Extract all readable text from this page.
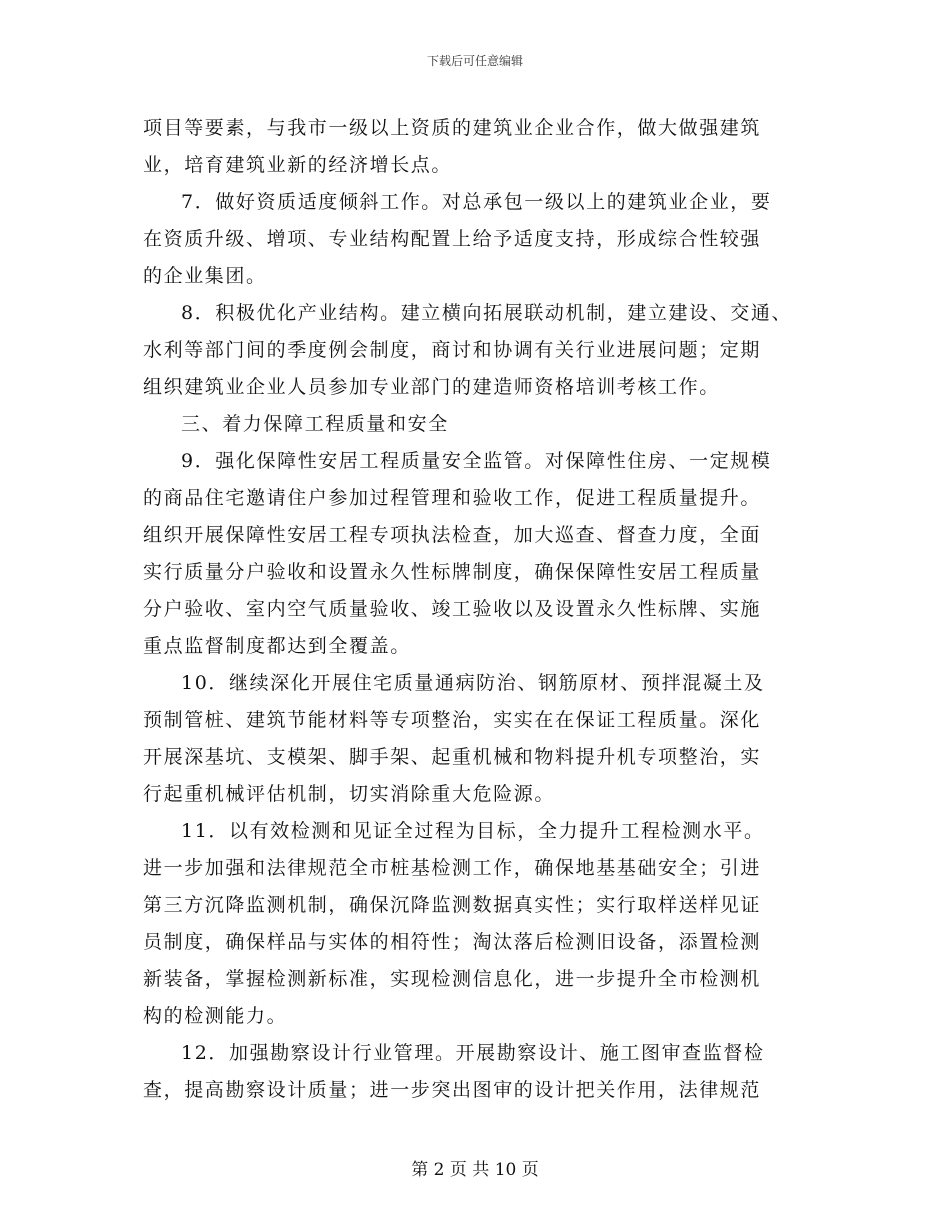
下载后可任意编辑
项目等要素，与我市一级以上资质的建筑业企业合作，做大做强建筑
业，培育建筑业新的经济增长点。
7．做好资质适度倾斜工作。对总承包一级以上的建筑业企业，要
在资质升级、增项、专业结构配置上给予适度支持，形成综合性较强
的企业集团。
8．积极优化产业结构。建立横向拓展联动机制，建立建设、交通、
水利等部门间的季度例会制度，商讨和协调有关行业进展问题；定期
组织建筑业企业人员参加专业部门的建造师资格培训考核工作。
三、着力保障工程质量和安全
9．强化保障性安居工程质量安全监管。对保障性住房、一定规模
的商品住宅邀请住户参加过程管理和验收工作，促进工程质量提升。
组织开展保障性安居工程专项执法检查，加大巡查、督查力度，全面
实行质量分户验收和设置永久性标牌制度，确保保障性安居工程质量
分户验收、室内空气质量验收、竣工验收以及设置永久性标牌、实施
重点监督制度都达到全覆盖。
10．继续深化开展住宅质量通病防治、钢筋原材、预拌混凝土及
预制管桩、建筑节能材料等专项整治，实实在在保证工程质量。深化
开展深基坑、支模架、脚手架、起重机械和物料提升机专项整治，实
行起重机械评估机制，切实消除重大危险源。
11．以有效检测和见证全过程为目标，全力提升工程检测水平。
进一步加强和法律规范全市桩基检测工作，确保地基基础安全；引进
第三方沉降监测机制，确保沉降监测数据真实性；实行取样送样见证
员制度，确保样品与实体的相符性；淘汰落后检测旧设备，添置检测
新装备，掌握检测新标准，实现检测信息化，进一步提升全市检测机
构的检测能力。
12．加强勘察设计行业管理。开展勘察设计、施工图审查监督检
查，提高勘察设计质量；进一步突出图审的设计把关作用，法律规范
第 2 页 共 10 页
